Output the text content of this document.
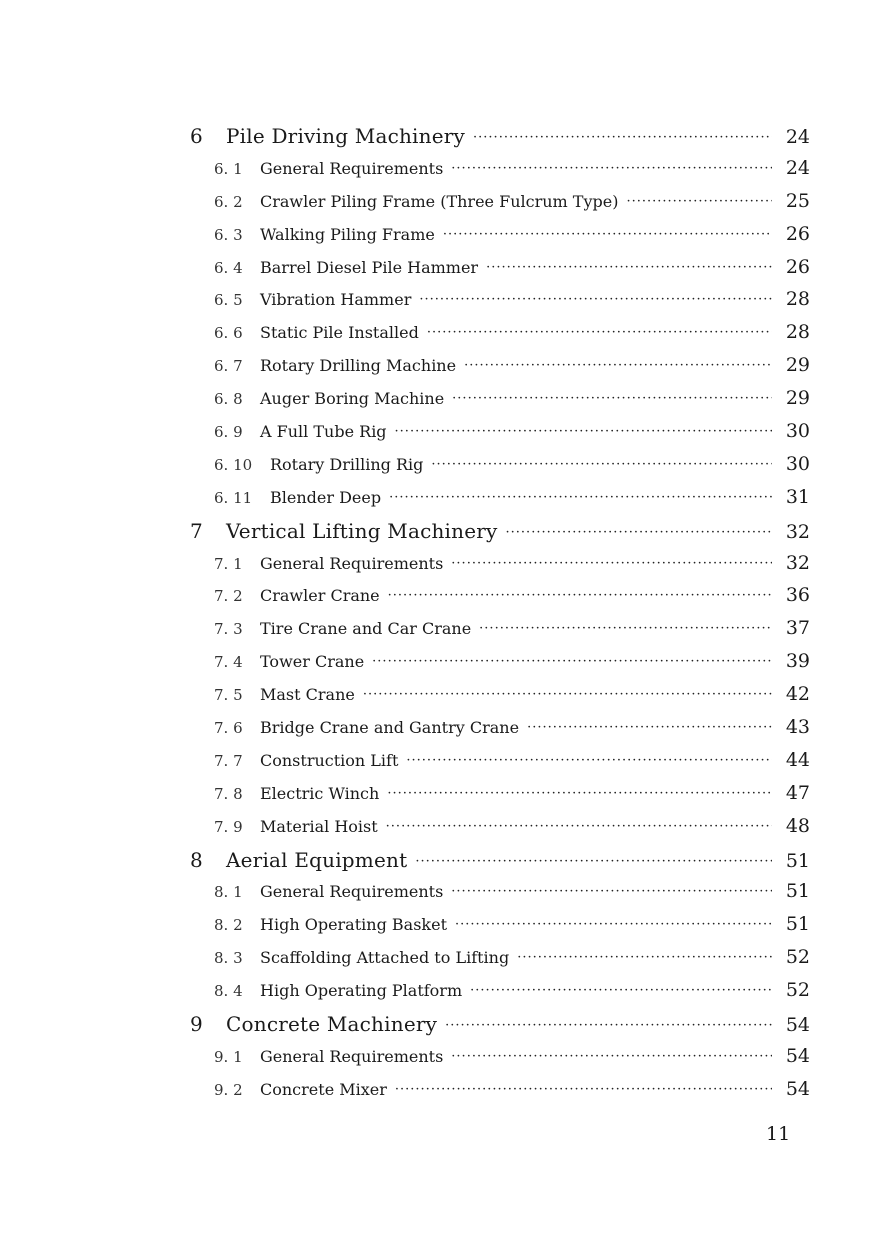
6	Pile Driving Machinery ·····	24
6. 1	General Requirements ·····	24
6. 2	Crawler Piling Frame (Three Fulcrum Type) ·····	25
6. 3	Walking Piling Frame ·····	26
6. 4	Barrel Diesel Pile Hammer ·····	26
6. 5	Vibration Hammer ·····	28
6. 6	Static Pile Installed ·····	28
6. 7	Rotary Drilling Machine ·····	29
6. 8	Auger Boring Machine ·····	29
6. 9	A Full Tube Rig ·····	30
6. 10	Rotary Drilling Rig ·····	30
6. 11	Blender Deep ·····	31
7	Vertical Lifting Machinery ·····	32
7. 1	General Requirements ·····	32
7. 2	Crawler Crane ·····	36
7. 3	Tire Crane and Car Crane ·····	37
7. 4	Tower Crane ·····	39
7. 5	Mast Crane ·····	42
7. 6	Bridge Crane and Gantry Crane ·····	43
7. 7	Construction Lift ·····	44
7. 8	Electric Winch ·····	47
7. 9	Material Hoist ·····	48
8	Aerial Equipment ·····	51
8. 1	General Requirements ·····	51
8. 2	High Operating Basket ·····	51
8. 3	Scaffolding Attached to Lifting ·····	52
8. 4	High Operating Platform ·····	52
9	Concrete Machinery ·····	54
9. 1	General Requirements ·····	54
9. 2	Concrete Mixer ·····	54
11
